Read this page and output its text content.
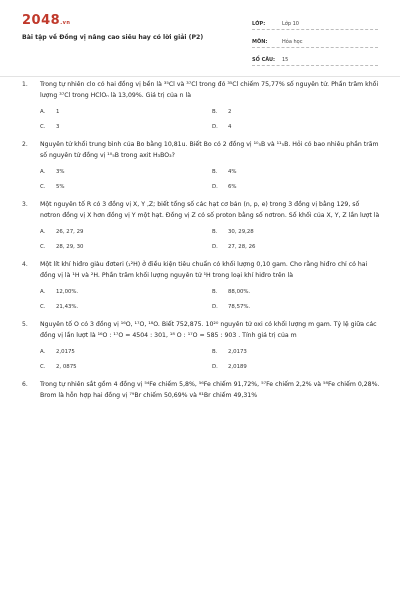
2048.vn
Bài tập về Đồng vị nâng cao siêu hay có lời giải (P2)
LỚP:	Lớp 10
MÔN:	Hóa học
SỐ CÂU:	15
1. Trong tự nhiên clo có hai đồng vị bền là ³⁵Cl và ³⁷Cl trong đó ³⁵Cl chiếm 75,77% số nguyên tử. Phần trăm khối lượng ³⁷Cl trong HClOₙ là 13,09%. Giá trị của n là

A.	1	B.	2
C.	3	D.	4
2. Nguyên tử khối trung bình của Bo bằng 10,81u. Biết Bo có 2 đồng vị ¹⁰₅B và ¹¹₅B. Hỏi có bao nhiêu phần trăm số nguyên tử đồng vị ¹⁰₅B trong axit H₃BO₃?

A.	3%	B.	4%
C.	5%	D.	6%
3. Một nguyên tố R có 3 đồng vị X, Y ,Z; biết tổng số các hạt cơ bản (n, p, e) trong 3 đồng vị bằng 129, số nơtron đồng vị X hơn đồng vị Y một hạt. Đồng vị Z có số proton bằng số nơtron. Số khối của X, Y, Z lần lượt là

A.	26, 27, 29	B.	30, 29,28
C.	28, 29, 30	D.	27, 28, 26
4. Một lít khí hiđro giàu đơteri (₁²H) ở điều kiện tiêu chuẩn có khối lượng 0,10 gam. Cho rằng hiđro chỉ có hai đồng vị là ¹H và ²H. Phần trăm khối lượng nguyên tử ¹H trong loại khí hiđro trên là

A.	12,00%.	B.	88,00%.
C.	21,43%.	D.	78,57%.
5. Nguyên tố O có 3 đồng vị ¹⁶O, ¹⁷O, ¹⁸O. Biết 752,875. 10²⁰ nguyên tử oxi có khối lượng m gam. Tỷ lệ giữa các đồng vị lần lượt là ¹⁶O : ¹⁷O = 4504 : 301, ¹⁸ O : ¹⁷O = 585 : 903 . Tính giá trị của m

A.	2,0175	B.	2,0173
C.	2, 0875	D.	2,0189
6. Trong tự nhiên sắt gồm 4 đồng vị ⁵⁴Fe chiếm 5,8%, ⁵⁶Fe chiếm 91,72%, ⁵⁷Fe chiếm 2,2% và ⁵⁸Fe chiếm 0,28%. Brom là hỗn hợp hai đồng vị ⁷⁹Br chiếm 50,69% và ⁸¹Br chiếm 49,31%
